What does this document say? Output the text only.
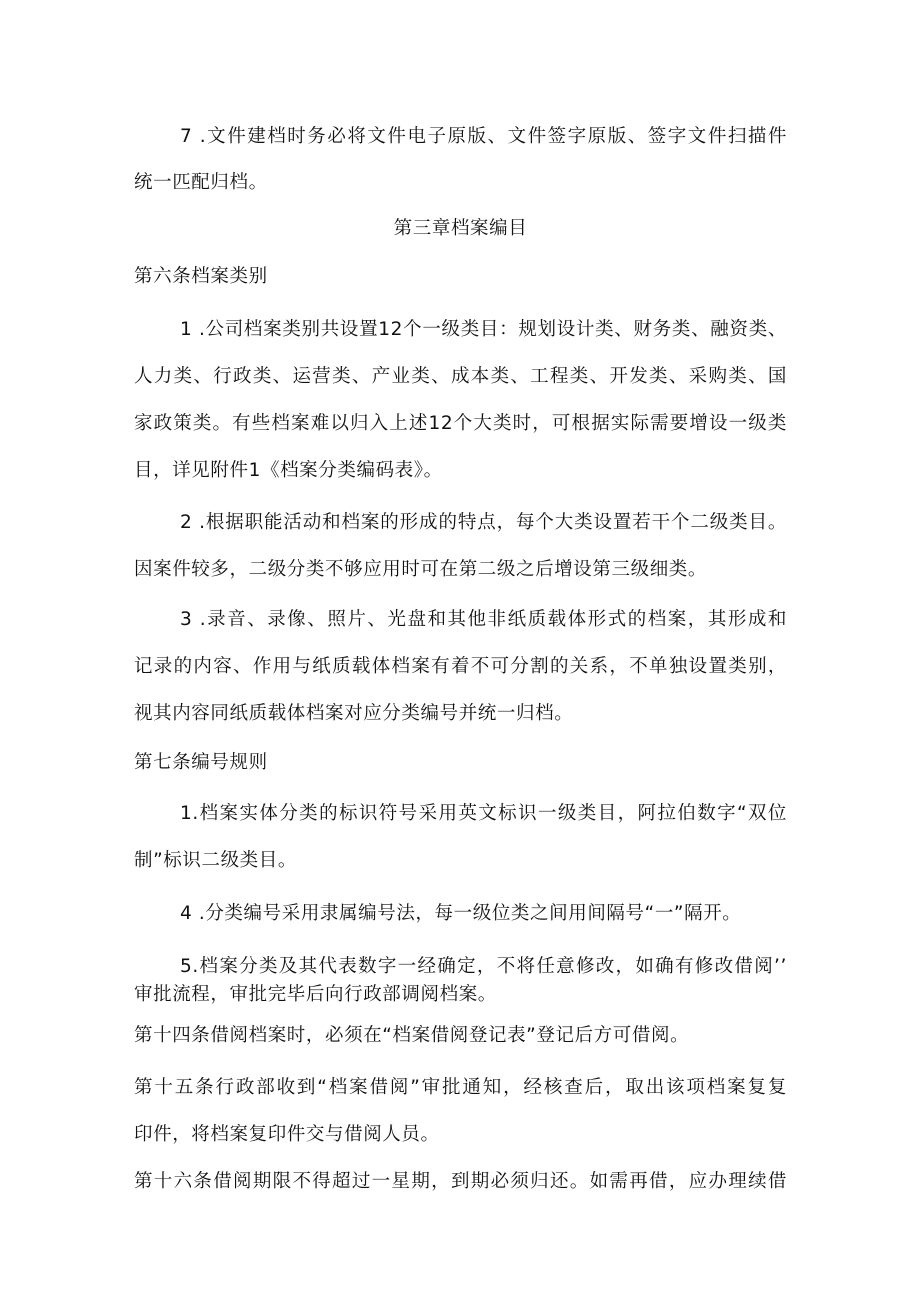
7 .文件建档时务必将文件电子原版、文件签字原版、签字文件扫描件
统一匹配归档。
第三章档案编目
第六条档案类别
1 .公司档案类别共设置12个一级类目：规划设计类、财务类、融资类、
人力类、行政类、运营类、产业类、成本类、工程类、开发类、采购类、国
家政策类。有些档案难以归入上述12个大类时，可根据实际需要增设一级类
目，详见附件1《档案分类编码表》。
2 .根据职能活动和档案的形成的特点，每个大类设置若干个二级类目。
因案件较多，二级分类不够应用时可在第二级之后增设第三级细类。
3 .录音、录像、照片、光盘和其他非纸质载体形式的档案，其形成和
记录的内容、作用与纸质载体档案有着不可分割的关系，不单独设置类别，
视其内容同纸质载体档案对应分类编号并统一归档。
第七条编号规则
1.档案实体分类的标识符号采用英文标识一级类目，阿拉伯数字“双位
制”标识二级类目。
4 .分类编号采用隶属编号法，每一级位类之间用间隔号“一”隔开。
5.档案分类及其代表数字一经确定，不将任意修改，如确有修改借阅’’
审批流程，审批完毕后向行政部调阅档案。
第十四条借阅档案时，必须在“档案借阅登记表”登记后方可借阅。
第十五条行政部收到“档案借阅”审批通知，经核查后，取出该项档案复复
印件，将档案复印件交与借阅人员。
第十六条借阅期限不得超过一星期，到期必须归还。如需再借，应办理续借
